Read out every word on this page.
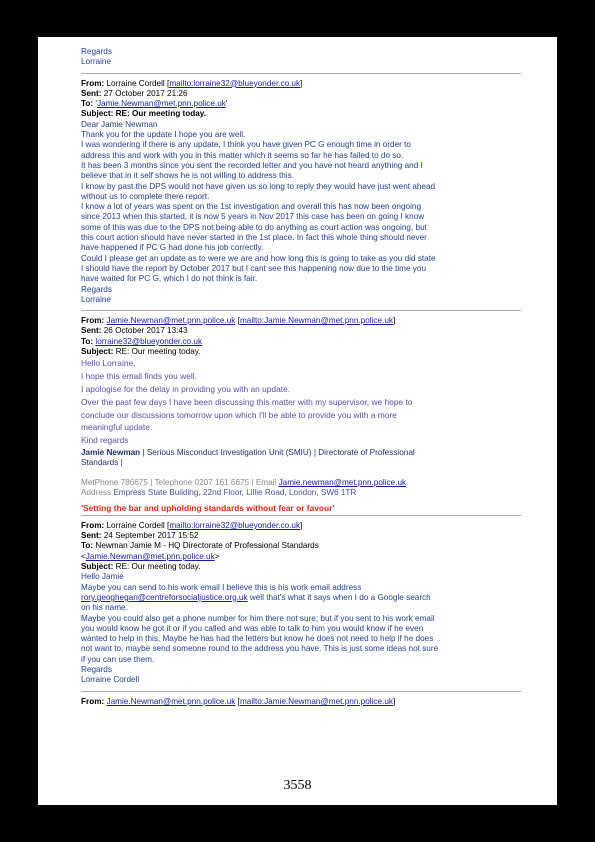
Regards
Lorraine
From: Lorraine Cordell [mailto:lorraine32@blueyonder.co.uk]
Sent: 27 October 2017 21:26
To: 'Jamie.Newman@met.pnn.police.uk'
Subject: RE: Our meeting today.
Dear Jamie Newman
Thank you for the update I hope you are well.
I was wondering if there is any update, I think you have given PC G enough time in order to
address this and work with you in this matter which it seems so far he has failed to do so.
It has been 3 months since you sent the recorded letter and you have not heard anything and I
believe that in it self shows he is not willing to address this.
I know by past the DPS would not have given us so long to reply they would have just went ahead
without us to complete there report.
I know a lot of years was spent on the 1st investigation and overall this has now been ongoing
since 2013 when this started, it is now 5 years in Nov 2017 this case has been on going I know
some of this was due to the DPS not being able to do anything as court action was ongoing, but
this court action should have never started in the 1st place. In fact this whole thing should never
have happened if PC G had done his job correctly.
Could I please get an update as to were we are and how long this is going to take as you did state
I should have the report by October 2017 but I cant see this happening now due to the time you
have waited for PC G, which I do not think is fair.
Regards
Lorraine
From: Jamie.Newman@met.pnn.police.uk [mailto:Jamie.Newman@met.pnn.police.uk]
Sent: 26 October 2017 13:43
To: lorraine32@blueyonder.co.uk
Subject: RE: Our meeting today.
Hello Lorraine,
I hope this email finds you well.
I apologise for the delay in providing you with an update.
Over the past few days I have been discussing this matter with my supervisor, we hope to
conclude our discussions tomorrow upon which I'll be able to provide you with a more
meaningful update.
Kind regards
Jamie Newman | Serious Misconduct Investigation Unit (SMIU) | Directorate of Professional
Standards |
MetPhone 786675 | Telephone 0207 161 6675 | Email Jamie.newman@met.pnn.police.uk
Address Empress State Building, 22nd Floor, Lillie Road, London, SW6 1TR
'Setting the bar and upholding standards without fear or favour'
From: Lorraine Cordell [mailto:lorraine32@blueyonder.co.uk]
Sent: 24 September 2017 15:52
To: Newman Jamie M - HQ Directorate of Professional Standards
<Jamie.Newman@met.pnn.police.uk>
Subject: RE: Our meeting today.
Hello Jamie
Maybe you can send to his work email I believe this is his work email address
rory.geoghegan@centreforsocialjustice.org.uk well that's what it says when I do a Google search
on his name.
Maybe you could also get a phone number for him there not sure; but if you sent to his work email
you would know he got it or if you called and was able to talk to him you would know if he even
wanted to help in this, Maybe he has had the letters but know he does not need to help if he does
not want to, maybe send someone round to the address you have. This is just some ideas not sure
if you can use them.
Regards
Lorraine Cordell
From: Jamie.Newman@met.pnn.police.uk [mailto:Jamie.Newman@met.pnn.police.uk]
3558
